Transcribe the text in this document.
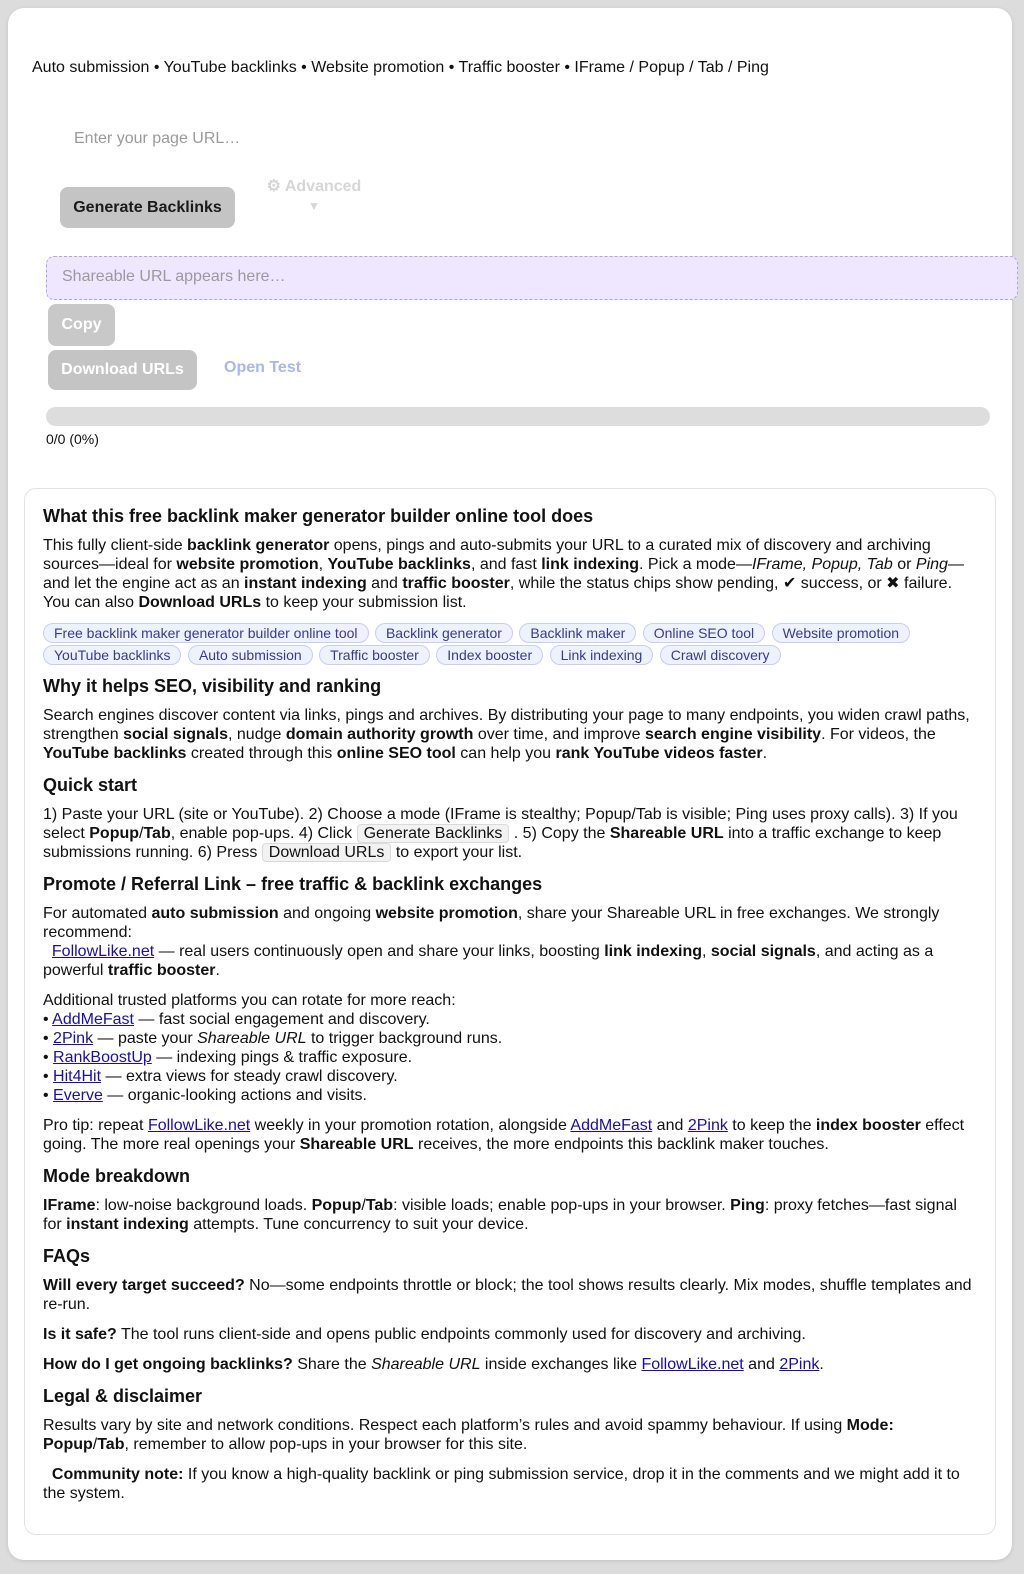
Auto submission • YouTube backlinks • Website promotion • Traffic booster • IFrame / Popup / Tab / Ping
Enter your page URL…
Generate Backlinks
⚙ Advanced
▼
Shareable URL appears here…
Copy
Download URLs	Open Test
0/0 (0%)
What this free backlink maker generator builder online tool does

This fully client-side backlink generator opens, pings and auto-submits your URL to a curated mix of discovery and archiving sources—ideal for website promotion, YouTube backlinks, and fast link indexing. Pick a mode—IFrame, Popup, Tab or Ping—and let the engine act as an instant indexing and traffic booster, while the status chips show pending, ✔ success, or ✖ failure. You can also Download URLs to keep your submission list.

Free backlink maker generator builder online tool Backlink generator Backlink maker Online SEO tool Website promotion YouTube backlinks Auto submission Traffic booster Index booster Link indexing Crawl discovery
Why it helps SEO, visibility and ranking

Search engines discover content via links, pings and archives. By distributing your page to many endpoints, you widen crawl paths, strengthen social signals, nudge domain authority growth over time, and improve search engine visibility. For videos, the YouTube backlinks created through this online SEO tool can help you rank YouTube videos faster.

Quick start

1) Paste your URL (site or YouTube). 2) Choose a mode (IFrame is stealthy; Popup/Tab is visible; Ping uses proxy calls). 3) If you select Popup/Tab, enable pop-ups. 4) Click Generate Backlinks . 5) Copy the Shareable URL into a traffic exchange to keep submissions running. 6) Press Download URLs to export your list.

Promote / Referral Link – free traffic & backlink exchanges

For automated auto submission and ongoing website promotion, share your Shareable URL in free exchanges. We strongly recommend:
FollowLike.net — real users continuously open and share your links, boosting link indexing, social signals, and acting as a powerful traffic booster.

Additional trusted platforms you can rotate for more reach:
• AddMeFast — fast social engagement and discovery.
• 2Pink — paste your Shareable URL to trigger background runs.
• RankBoostUp — indexing pings & traffic exposure.
• Hit4Hit — extra views for steady crawl discovery.
• Everve — organic-looking actions and visits.

Pro tip: repeat FollowLike.net weekly in your promotion rotation, alongside AddMeFast and 2Pink to keep the index booster effect going. The more real openings your Shareable URL receives, the more endpoints this backlink maker touches.

Mode breakdown

IFrame: low-noise background loads. Popup/Tab: visible loads; enable pop-ups in your browser. Ping: proxy fetches—fast signal for instant indexing attempts. Tune concurrency to suit your device.

FAQs

Will every target succeed? No—some endpoints throttle or block; the tool shows results clearly. Mix modes, shuffle templates and re-run.

Is it safe? The tool runs client-side and opens public endpoints commonly used for discovery and archiving.

How do I get ongoing backlinks? Share the Shareable URL inside exchanges like FollowLike.net and 2Pink.

Legal & disclaimer

Results vary by site and network conditions. Respect each platform’s rules and avoid spammy behaviour. If using Mode: Popup/Tab, remember to allow pop-ups in your browser for this site.

Community note: If you know a high-quality backlink or ping submission service, drop it in the comments and we might add it to the system.
